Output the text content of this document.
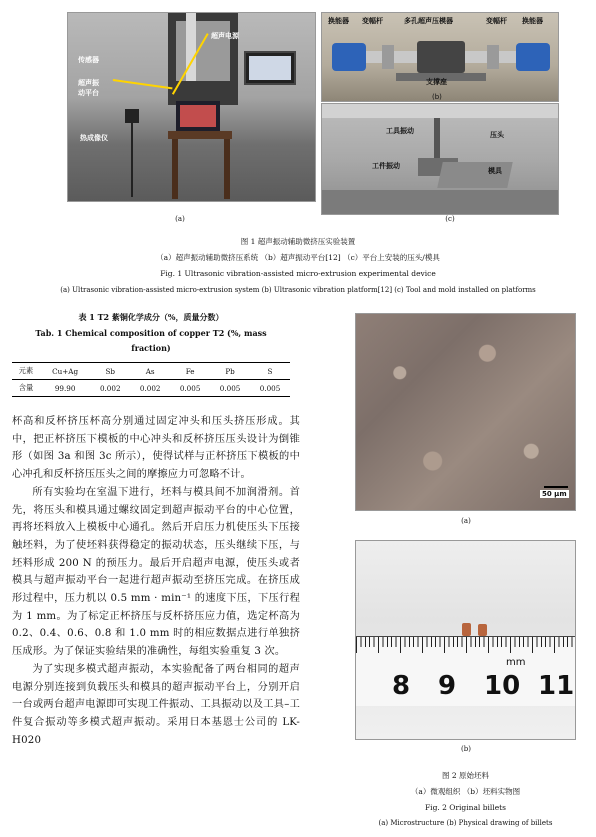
超声电源
传感器
超声振动平台
热成像仪
(a)
换能器 变幅杆	多孔超声压模器	变幅杆 换能器
支撑座
(b)
工具振动	压头
工件振动
模具
(c)
图 1 超声振动辅助微挤压实验装置
（a）超声振动辅助微挤压系统 （b）超声振动平台[12] （c）平台上安装的压头/模具
Fig. 1 Ultrasonic vibration-assisted micro-extrusion experimental device
(a) Ultrasonic vibration-assisted micro-extrusion system (b) Ultrasonic vibration platform[12] (c) Tool and mold installed on platforms
表 1 T2 紫铜化学成分（%，质量分数）
Tab. 1 Chemical composition of copper T2 (%, mass
fraction)
元素	Cu+Ag	Sb	As	Fe	Pb	S
含量	99.90	0.002	0.002	0.005	0.005	0.005

杯高和反杯挤压杯高分别通过固定冲头和压头挤压形成。其中，把正杯挤压下模板的中心冲头和反杯挤压压头设计为倒锥形（如图 3a 和图 3c 所示），使得试样与正杯挤压下模板的中心冲孔和反杯挤压压头之间的摩擦应力可忽略不计。

所有实验均在室温下进行，坯料与模具间不加润滑剂。首先，将压头和模具通过螺纹固定到超声振动平台的中心位置，再将坯料放入上模板中心通孔。然后开启压力机使压头下压接触坯料，为了使坯料获得稳定的振动状态，压头继续下压，与坯料形成 200 N 的预压力。最后开启超声电源，使压头或者模具与超声振动平台一起进行超声振动至挤压完成。在挤压成形过程中，压力机以 0.5 mm · min⁻¹ 的速度下压，下压行程为 1 mm。为了标定正杯挤压与反杯挤压应力值，选定杯高为 0.2、0.4、0.6、0.8 和 1.0 mm 时的相应数据点进行单独挤压成形。为了保证实验结果的准确性，每组实验重复 3 次。

为了实现多模式超声振动，本实验配备了两台相同的超声电源分别连接到负载压头和模具的超声振动平台上，分别开启一台或两台超声电源即可实现工件振动、工具振动以及工具–工件复合振动等多模式超声振动。采用日本基恩士公司的 LK-H020

50 μm
(a)
mm
8 9 10 11
(b)
图 2 原始坯料
（a）微观组织 （b）坯料实物图
Fig. 2 Original billets
(a) Microstructure (b) Physical drawing of billets
